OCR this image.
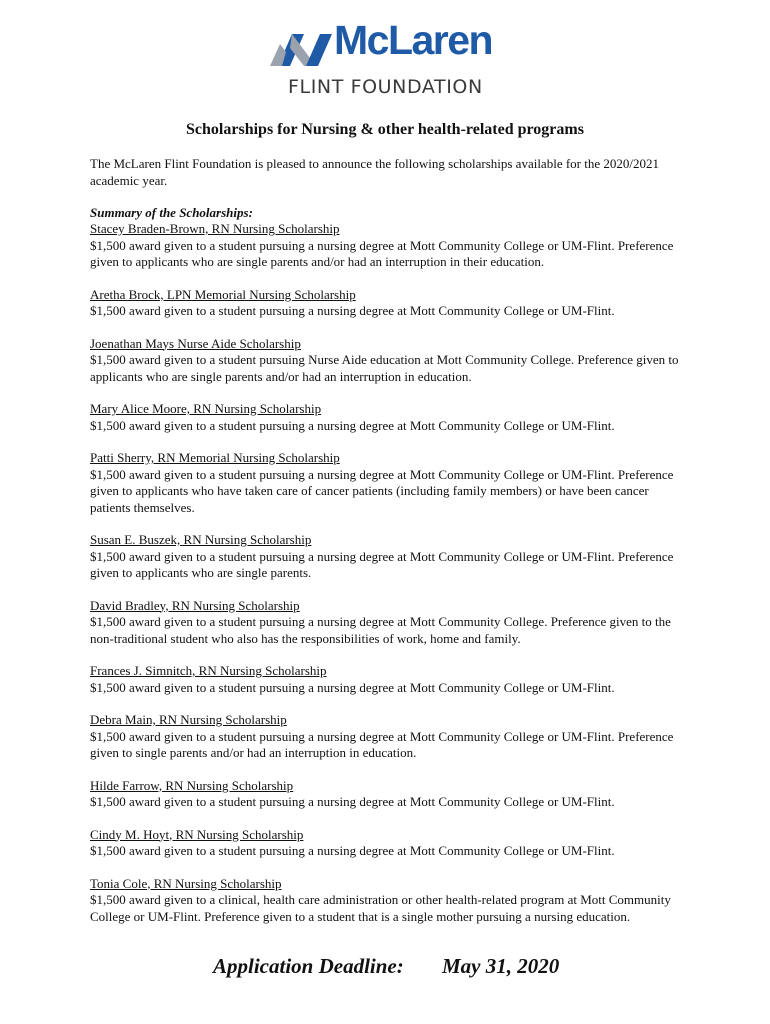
McLaren
FLINT FOUNDATION
Scholarships for Nursing & other health-related programs
The McLaren Flint Foundation is pleased to announce the following scholarships available for the 2020/2021 academic year.
Summary of the Scholarships:
Stacey Braden-Brown, RN Nursing Scholarship
$1,500 award given to a student pursuing a nursing degree at Mott Community College or UM-Flint. Preference given to applicants who are single parents and/or had an interruption in their education.
Aretha Brock, LPN Memorial Nursing Scholarship
$1,500 award given to a student pursuing a nursing degree at Mott Community College or UM-Flint.
Joenathan Mays Nurse Aide Scholarship
$1,500 award given to a student pursuing Nurse Aide education at Mott Community College. Preference given to applicants who are single parents and/or had an interruption in education.
Mary Alice Moore, RN Nursing Scholarship
$1,500 award given to a student pursuing a nursing degree at Mott Community College or UM-Flint.
Patti Sherry, RN Memorial Nursing Scholarship
$1,500 award given to a student pursuing a nursing degree at Mott Community College or UM-Flint. Preference given to applicants who have taken care of cancer patients (including family members) or have been cancer patients themselves.
Susan E. Buszek, RN Nursing Scholarship
$1,500 award given to a student pursuing a nursing degree at Mott Community College or UM-Flint. Preference given to applicants who are single parents.
David Bradley, RN Nursing Scholarship
$1,500 award given to a student pursuing a nursing degree at Mott Community College. Preference given to the non-traditional student who also has the responsibilities of work, home and family.
Frances J. Simnitch, RN Nursing Scholarship
$1,500 award given to a student pursuing a nursing degree at Mott Community College or UM-Flint.
Debra Main, RN Nursing Scholarship
$1,500 award given to a student pursuing a nursing degree at Mott Community College or UM-Flint. Preference given to single parents and/or had an interruption in education.
Hilde Farrow, RN Nursing Scholarship
$1,500 award given to a student pursuing a nursing degree at Mott Community College or UM-Flint.
Cindy M. Hoyt, RN Nursing Scholarship
$1,500 award given to a student pursuing a nursing degree at Mott Community College or UM-Flint.
Tonia Cole, RN Nursing Scholarship
$1,500 award given to a clinical, health care administration or other health-related program at Mott Community College or UM-Flint. Preference given to a student that is a single mother pursuing a nursing education.
Application Deadline: May 31, 2020
